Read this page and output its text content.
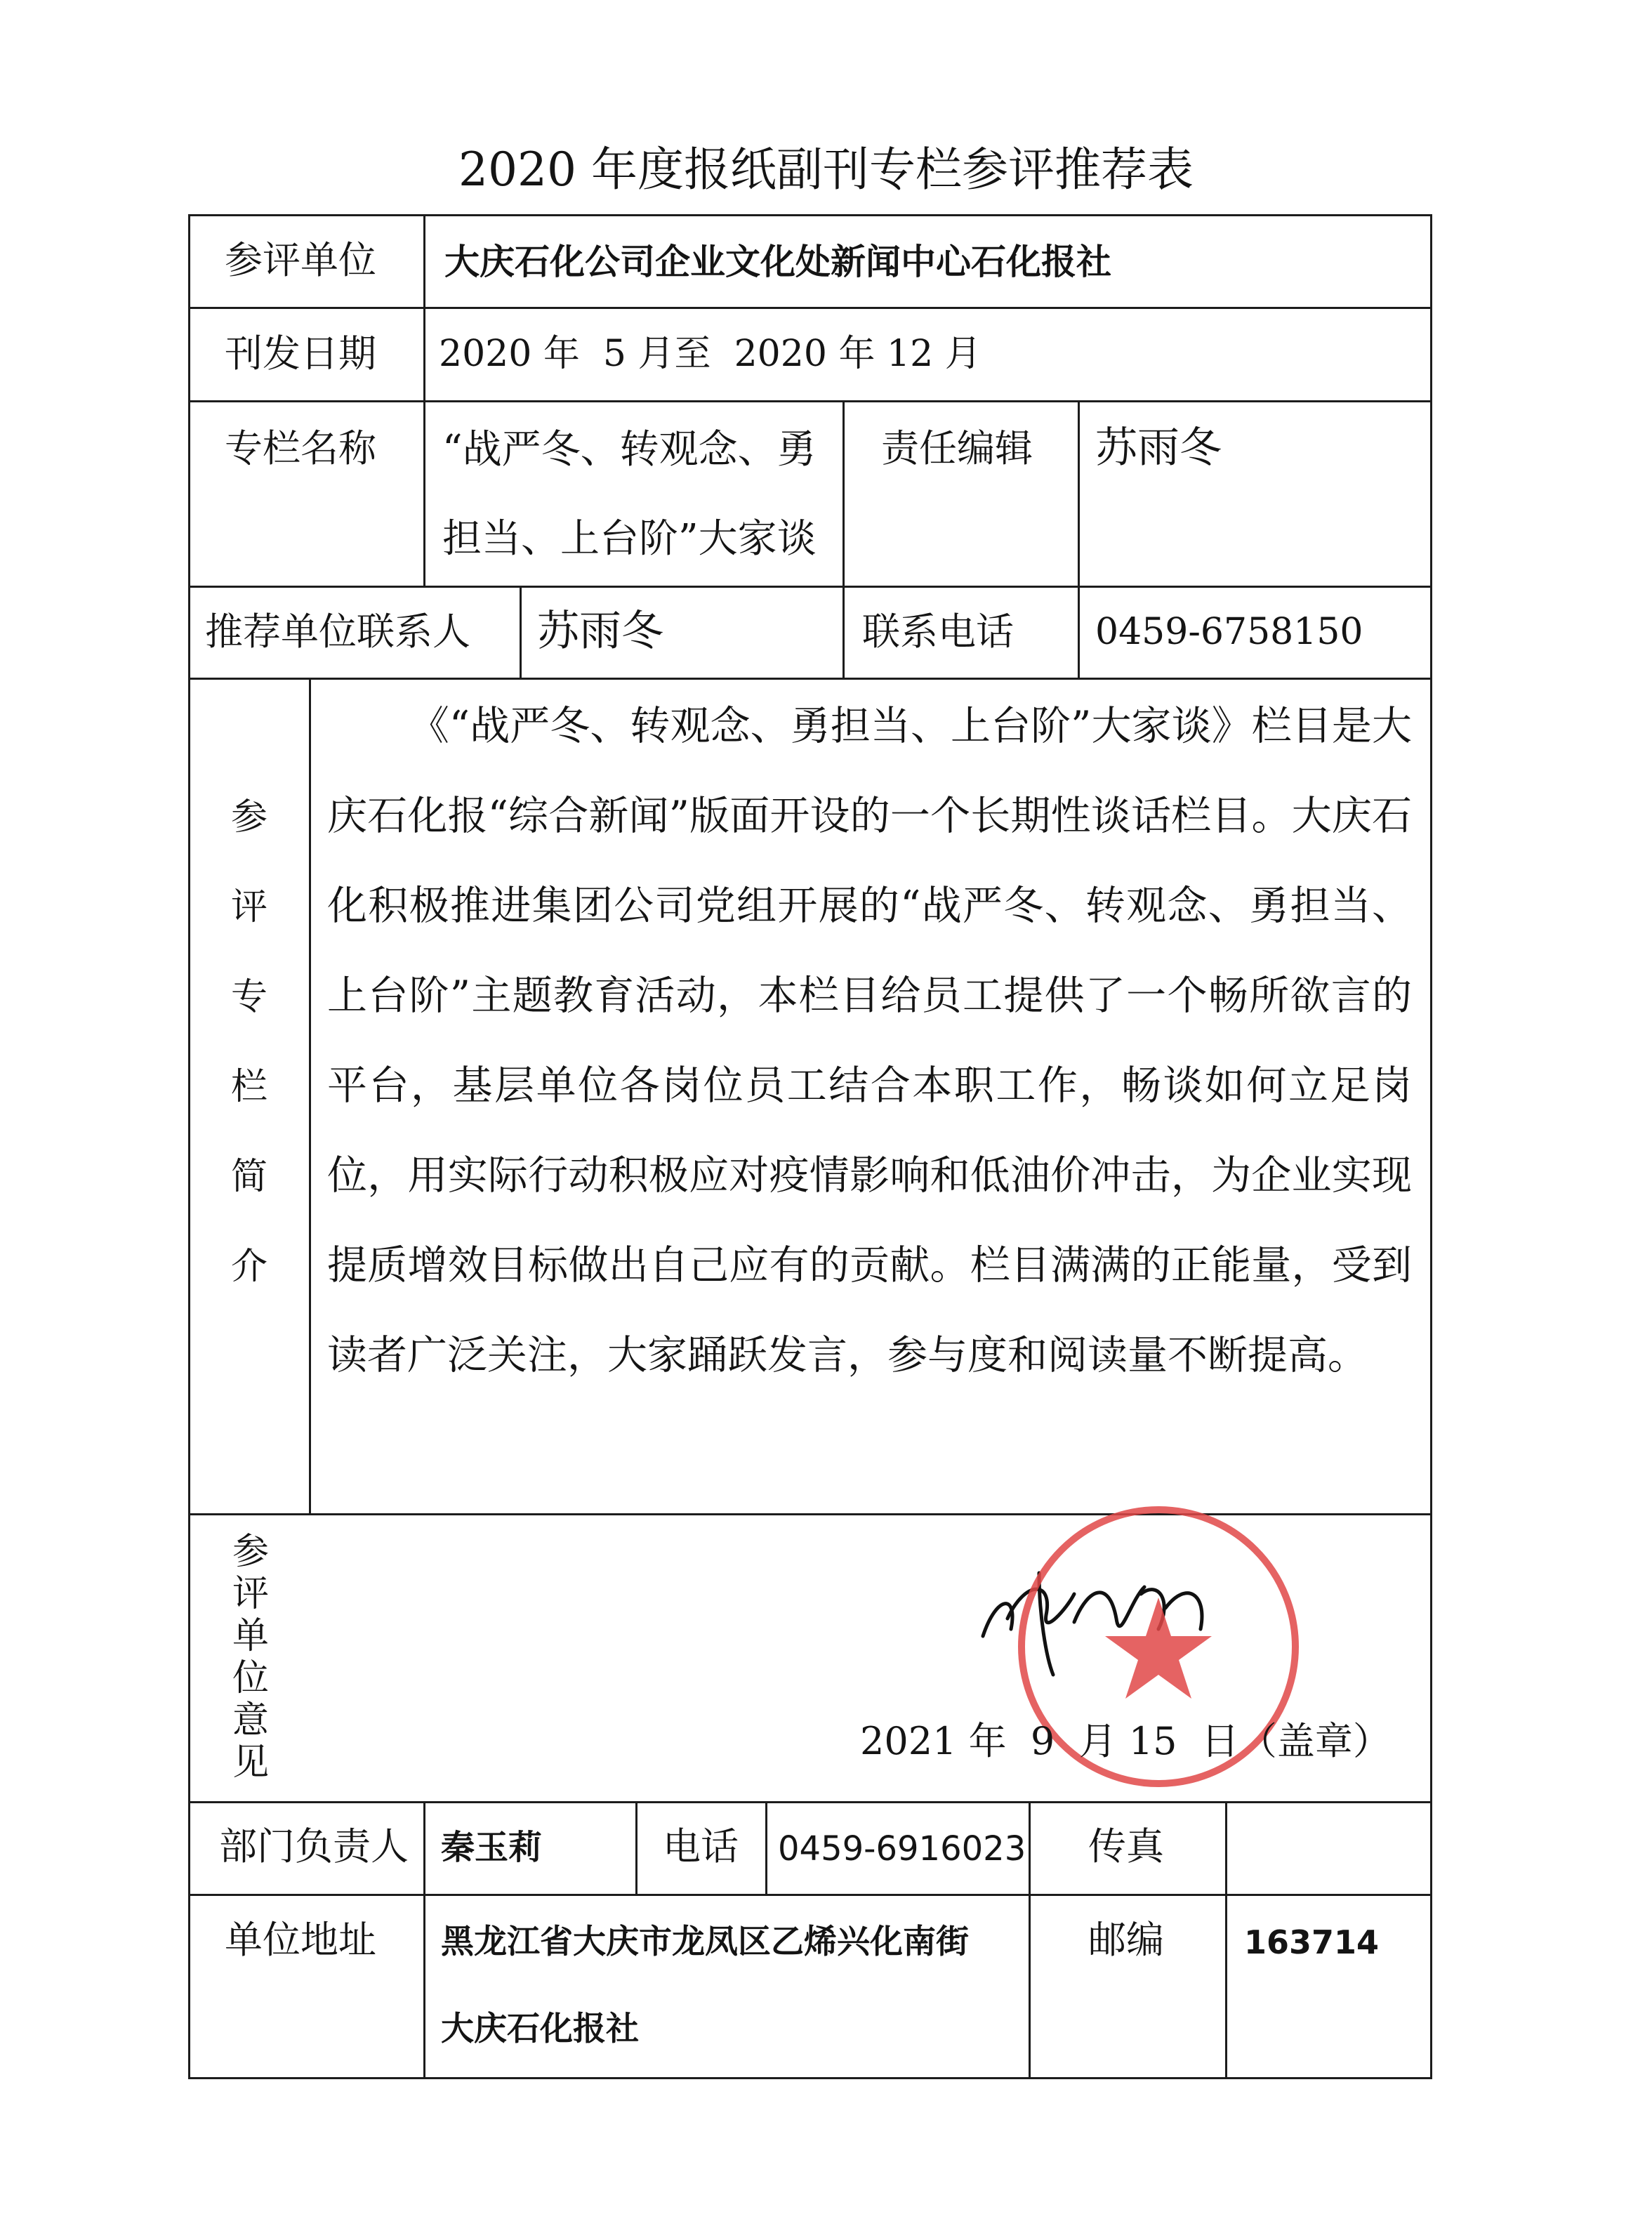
2020 年度报纸副刊专栏参评推荐表
参评单位 大庆石化公司企业文化处新闻中心石化报社
刊发日期 2020 年  5 月至  2020 年 12 月
专栏名称 “战严冬、转观念、勇
担当、上台阶”大家谈
责任编辑 苏雨冬
推荐单位联系人 苏雨冬	联系电话 0459-6758150
参评专栏简介
《“战严冬、转观念、勇担当、上台阶”大家谈》栏目是大庆石化报“综合新闻”版面开设的一个长期性谈话栏目。大庆石化积极推进集团公司党组开展的“战严冬、转观念、勇担当、上台阶”主题教育活动，本栏目给员工提供了一个畅所欲言的平台，基层单位各岗位员工结合本职工作，畅谈如何立足岗位，用实际行动积极应对疫情影响和低油价冲击，为企业实现提质增效目标做出自己应有的贡献。栏目满满的正能量，受到读者广泛关注，大家踊跃发言，参与度和阅读量不断提高。
参评单位意见	2021 年  9  月 15  日（盖章）
部门负责人 秦玉莉	电话 0459-6916023 传真
单位地址 黑龙江省大庆市龙凤区乙烯兴化南街
大庆石化报社
邮编 163714
